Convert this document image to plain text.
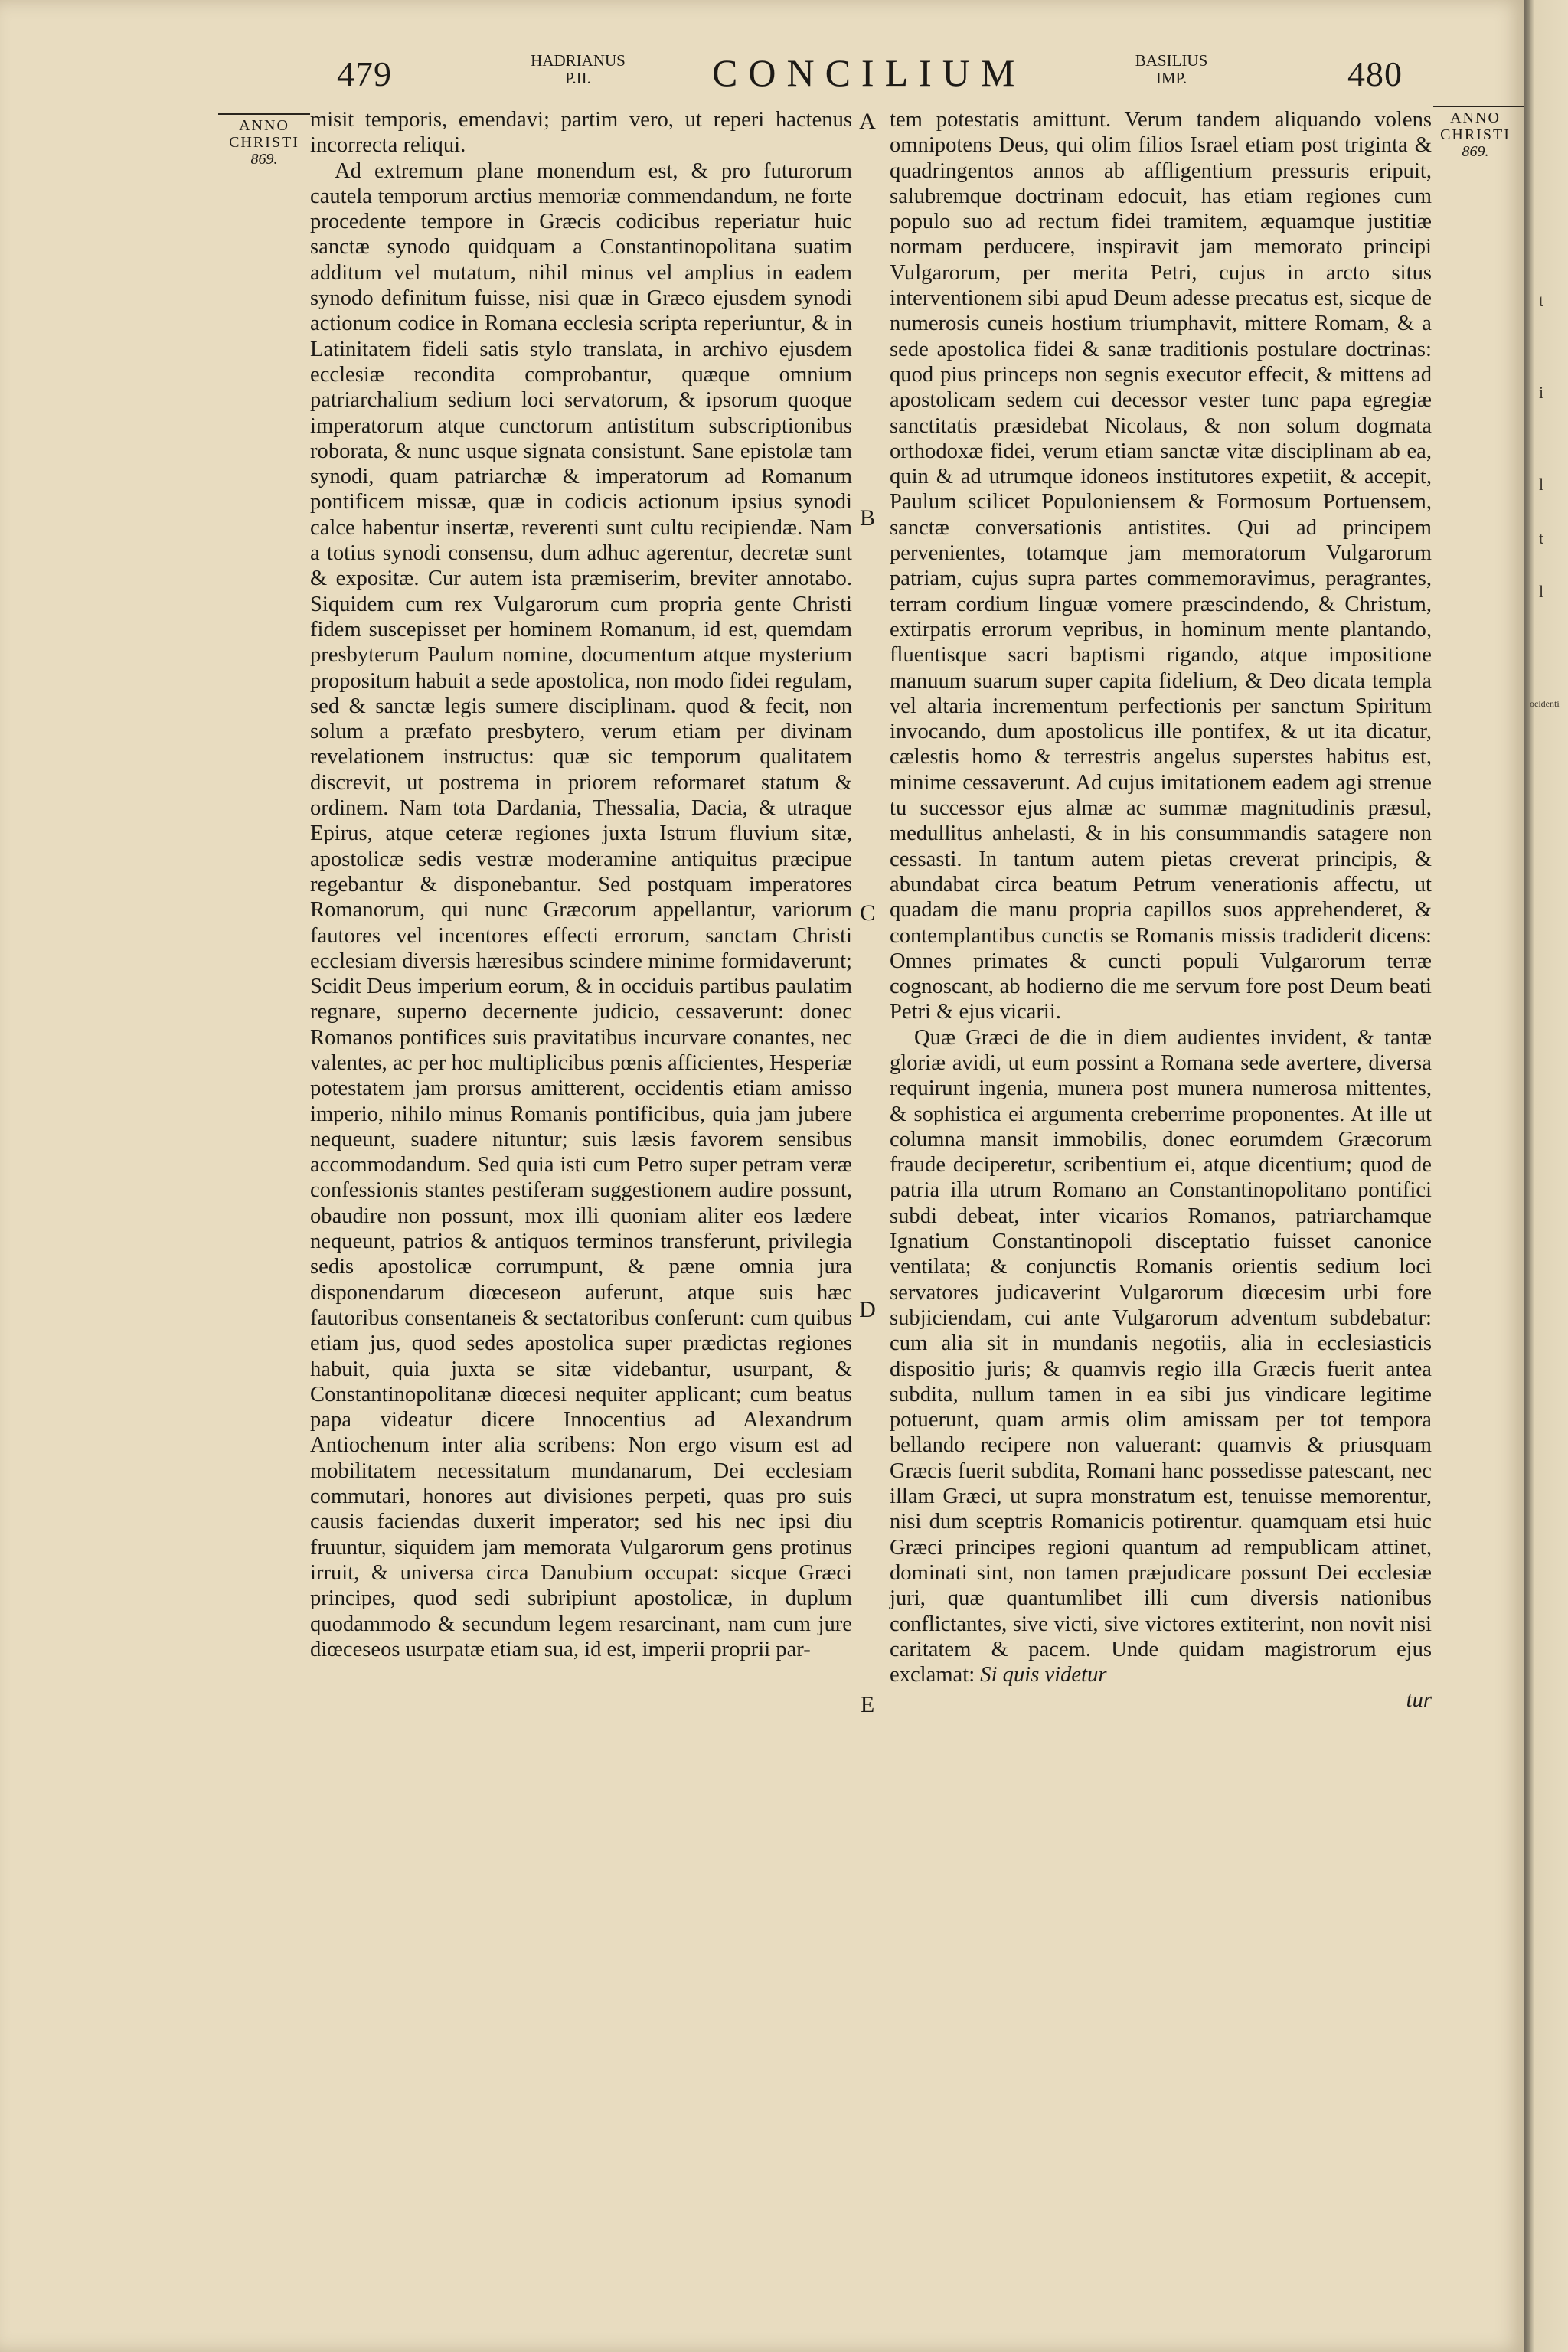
479	HADRIANUS
P.II.	CONCILIUM	BASILIUS
IMP.	480
ANNO
CHRISTI
869.
ANNO
CHRISTI
869.

misit temporis, emendavi; partim vero, ut reperi hactenus incorrecta reliqui.

Ad extremum plane monendum est, & pro futurorum cautela temporum arctius memoriæ commendandum, ne forte procedente tempore in Græcis codicibus reperiatur huic sanctæ synodo quidquam a Constantinopolitana suatim additum vel mutatum, nihil minus vel amplius in eadem synodo definitum fuisse, nisi quæ in Græco ejusdem synodi actionum codice in Romana ecclesia scripta reperiuntur, & in Latinitatem fideli satis stylo translata, in archivo ejusdem ecclesiæ recondita comprobantur, quæque omnium patriarchalium sedium loci servatorum, & ipsorum quoque imperatorum atque cunctorum antistitum subscriptionibus roborata, & nunc usque signata consistunt. Sane epistolæ tam synodi, quam patriarchæ & imperatorum ad Romanum pontificem missæ, quæ in codicis actionum ipsius synodi calce habentur insertæ, reverenti sunt cultu recipiendæ. Nam a totius synodi consensu, dum adhuc agerentur, decretæ sunt & expositæ. Cur autem ista præmiserim, breviter annotabo. Siquidem cum rex Vulgarorum cum propria gente Christi fidem suscepisset per hominem Romanum, id est, quemdam presbyterum Paulum nomine, documentum atque mysterium propositum habuit a sede apostolica, non modo fidei regulam, sed & sanctæ legis sumere disciplinam. quod & fecit, non solum a præfato presbytero, verum etiam per divinam revelationem instructus: quæ sic temporum qualitatem discrevit, ut postrema in priorem reformaret statum & ordinem. Nam tota Dardania, Thessalia, Dacia, & utraque Epirus, atque ceteræ regiones juxta Istrum fluvium sitæ, apostolicæ sedis vestræ moderamine antiquitus præcipue regebantur & disponebantur. Sed postquam imperatores Romanorum, qui nunc Græcorum appellantur, variorum fautores vel incentores effecti errorum, sanctam Christi ecclesiam diversis hæresibus scindere minime formidaverunt; Scidit Deus imperium eorum, & in occiduis partibus paulatim regnare, superno decernente judicio, cessaverunt: donec Romanos pontifices suis pravitatibus incurvare conantes, nec valentes, ac per hoc multiplicibus pœnis afficientes, Hesperiæ potestatem jam prorsus amitterent, occidentis etiam amisso imperio, nihilo minus Romanis pontificibus, quia jam jubere nequeunt, suadere nituntur; suis læsis favorem sensibus accommodandum. Sed quia isti cum Petro super petram veræ confessionis stantes pestiferam suggestionem audire possunt, obaudire non possunt, mox illi quoniam aliter eos lædere nequeunt, patrios & antiquos terminos transferunt, privilegia sedis apostolicæ corrumpunt, & pæne omnia jura disponendarum diœceseon auferunt, atque suis hæc fautoribus consentaneis & sectatoribus conferunt: cum quibus etiam jus, quod sedes apostolica super prædictas regiones habuit, quia juxta se sitæ videbantur, usurpant, & Constantinopolitanæ diœcesi nequiter applicant; cum beatus papa videatur dicere Innocentius ad Alexandrum Antiochenum inter alia scribens: Non ergo visum est ad mobilitatem necessitatum mundanarum, Dei ecclesiam commutari, honores aut divisiones perpeti, quas pro suis causis faciendas duxerit imperator; sed his nec ipsi diu fruuntur, siquidem jam memorata Vulgarorum gens protinus irruit, & universa circa Danubium occupat: sicque Græci principes, quod sedi subripiunt apostolicæ, in duplum quodammodo & secundum legem resarcinant, nam cum jure diœceseos usurpatæ etiam sua, id est, imperii proprii par-

A
B
C
D
E

tem potestatis amittunt. Verum tandem aliquando volens omnipotens Deus, qui olim filios Israel etiam post triginta & quadringentos annos ab affligentium pressuris eripuit, salubremque doctrinam edocuit, has etiam regiones cum populo suo ad rectum fidei tramitem, æquamque justitiæ normam perducere, inspiravit jam memorato principi Vulgarorum, per merita Petri, cujus in arcto situs interventionem sibi apud Deum adesse precatus est, sicque de numerosis cuneis hostium triumphavit, mittere Romam, & a sede apostolica fidei & sanæ traditionis postulare doctrinas: quod pius princeps non segnis executor effecit, & mittens ad apostolicam sedem cui decessor vester tunc papa egregiæ sanctitatis præsidebat Nicolaus, & non solum dogmata orthodoxæ fidei, verum etiam sanctæ vitæ disciplinam ab ea, quin & ad utrumque idoneos institutores expetiit, & accepit, Paulum scilicet Populoniensem & Formosum Portuensem, sanctæ conversationis antistites. Qui ad principem pervenientes, totamque jam memoratorum Vulgarorum patriam, cujus supra partes commemoravimus, peragrantes, terram cordium linguæ vomere præscindendo, & Christum, extirpatis errorum vepribus, in hominum mente plantando, fluentisque sacri baptismi rigando, atque impositione manuum suarum super capita fidelium, & Deo dicata templa vel altaria incrementum perfectionis per sanctum Spiritum invocando, dum apostolicus ille pontifex, & ut ita dicatur, cælestis homo & terrestris angelus superstes habitus est, minime cessaverunt. Ad cujus imitationem eadem agi strenue tu successor ejus almæ ac summæ magnitudinis præsul, medullitus anhelasti, & in his consummandis satagere non cessasti. In tantum autem pietas creverat principis, & abundabat circa beatum Petrum venerationis affectu, ut quadam die manu propria capillos suos apprehenderet, & contemplantibus cunctis se Romanis missis tradiderit dicens: Omnes primates & cuncti populi Vulgarorum terræ cognoscant, ab hodierno die me servum fore post Deum beati Petri & ejus vicarii.

Quæ Græci de die in diem audientes invident, & tantæ gloriæ avidi, ut eum possint a Romana sede avertere, diversa requirunt ingenia, munera post munera numerosa mittentes, & sophistica ei argumenta creberrime proponentes. At ille ut columna mansit immobilis, donec eorumdem Græcorum fraude deciperetur, scribentium ei, atque dicentium; quod de patria illa utrum Romano an Constantinopolitano pontifici subdi debeat, inter vicarios Romanos, patriarchamque Ignatium Constantinopoli disceptatio fuisset canonice ventilata; & conjunctis Romanis orientis sedium loci servatores judicaverint Vulgarorum diœcesim urbi fore subjiciendam, cui ante Vulgarorum adventum subdebatur: cum alia sit in mundanis negotiis, alia in ecclesiasticis dispositio juris; & quamvis regio illa Græcis fuerit antea subdita, nullum tamen in ea sibi jus vindicare legitime potuerunt, quam armis olim amissam per tot tempora bellando recipere non valuerant: quamvis & priusquam Græcis fuerit subdita, Romani hanc possedisse patescant, nec illam Græci, ut supra monstratum est, tenuisse memorentur, nisi dum sceptris Romanicis potirentur. quamquam etsi huic Græci principes regioni quantum ad rempublicam attinet, dominati sint, non tamen præjudicare possunt Dei ecclesiæ juri, quæ quantumlibet illi cum diversis nationibus conflictantes, sive victi, sive victores extiterint, non novit nisi caritatem & pacem. Unde quidam magistrorum ejus exclamat: Si quis videtur

tur

t
i
l
t
l
ocidenti
